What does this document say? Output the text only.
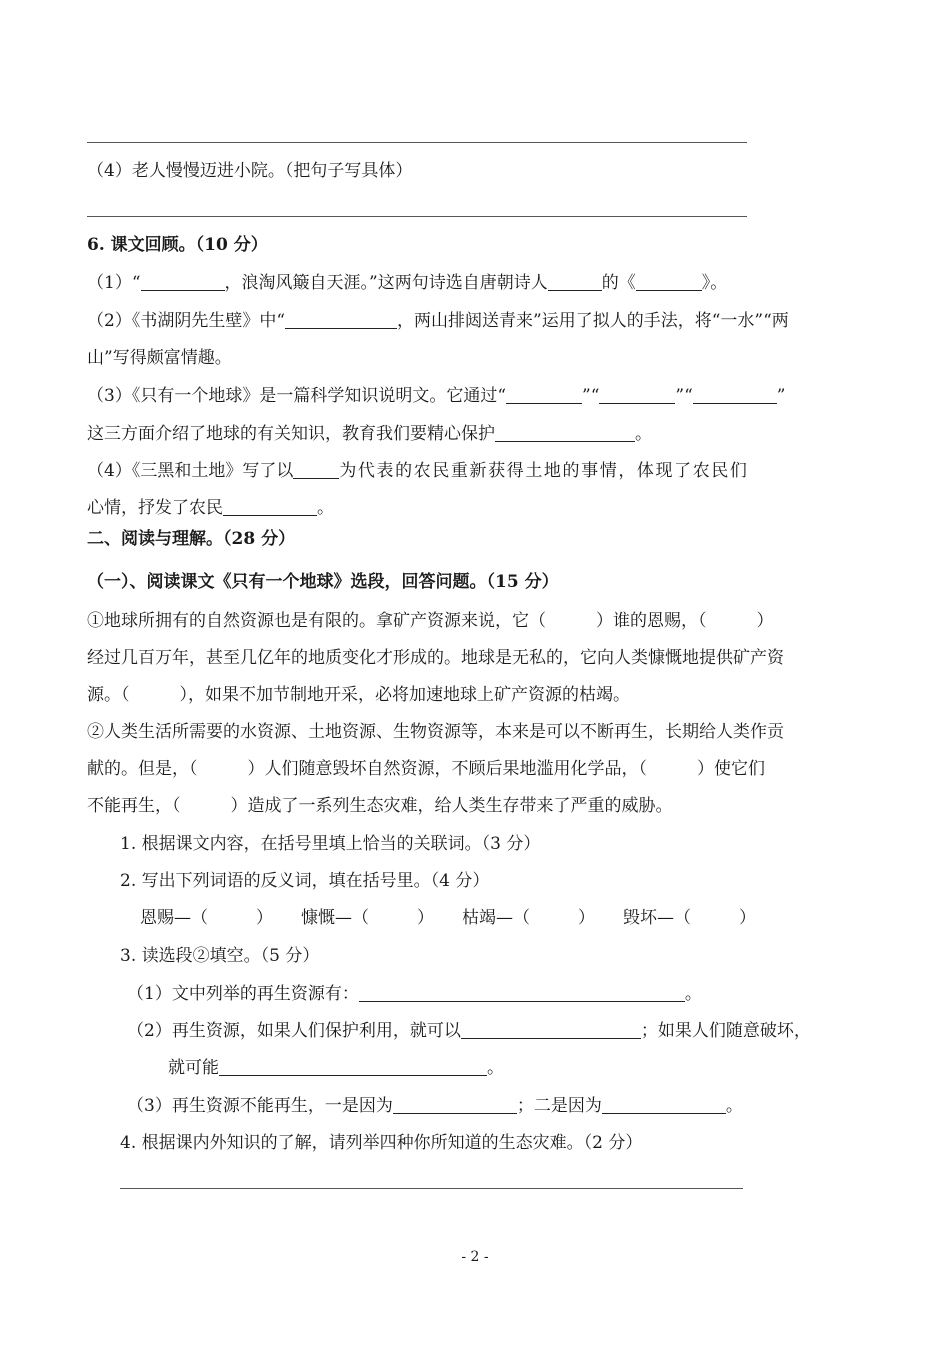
（4）老人慢慢迈进小院。（把句子写具体）
6. 课文回顾。（10 分）
（1）“	，浪淘风簸自天涯。”这两句诗选自唐朝诗人	的《	》。
（2）《书湖阴先生壁》中“	，两山排闼送青来”运用了拟人的手法，将“一水”“两
山”写得颇富情趣。
（3）《只有一个地球》是一篇科学知识说明文。它通过“	”“	”“	”
这三方面介绍了地球的有关知识，教育我们要精心保护	。
（4）《三黑和土地》写了以	为代表的农民重新获得土地的事情，体现了农民们
心情，抒发了农民	。
二、阅读与理解。（28 分）
（一）、阅读课文《只有一个地球》选段，回答问题。（15 分）
①地球所拥有的自然资源也是有限的。拿矿产资源来说，它（	）谁的恩赐，（	）
经过几百万年，甚至几亿年的地质变化才形成的。地球是无私的，它向人类慷慨地提供矿产资
源。（	），如果不加节制地开采，必将加速地球上矿产资源的枯竭。
②人类生活所需要的水资源、土地资源、生物资源等，本来是可以不断再生，长期给人类作贡
献的。但是，（	）人们随意毁坏自然资源，不顾后果地滥用化学品，（	）使它们
不能再生，（	）造成了一系列生态灾难，给人类生存带来了严重的威胁。
1. 根据课文内容，在括号里填上恰当的关联词。（3 分）
2. 写出下列词语的反义词，填在括号里。（4 分）
恩赐—（	） 慷慨—（	） 枯竭—（	） 毁坏—（	）
3. 读选段②填空。（5 分）
（1）文中列举的再生资源有：	。
（2）再生资源，如果人们保护利用，就可以	；如果人们随意破坏，
就可能	。
（3）再生资源不能再生，一是因为	；二是因为	。
4. 根据课内外知识的了解，请列举四种你所知道的生态灾难。（2 分）
- 2 -
